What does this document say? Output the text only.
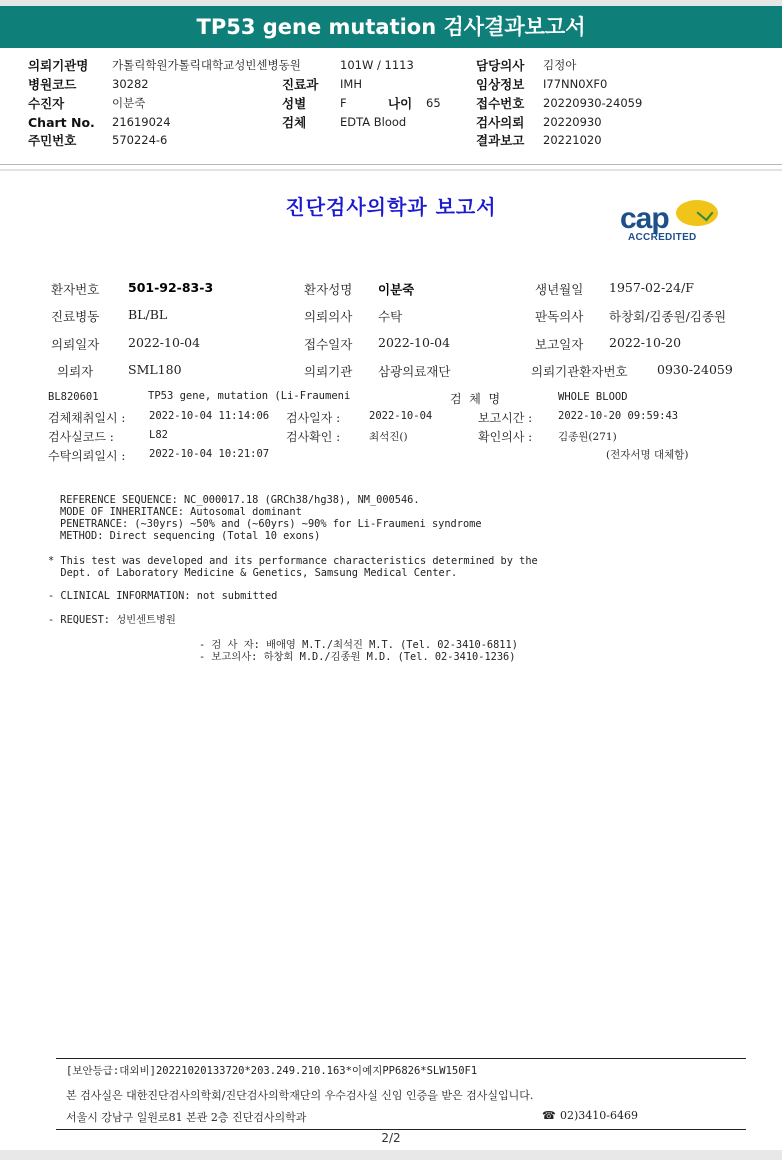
TP53 gene mutation 검사결과보고서
의뢰기관명 가톨릭학원가톨릭대학교성빈센병동원	101W / 1113	담당의사 김정아
병원코드	30282	진료과 IMH	임상정보 I77NN0XF0
수진자	이분죽	성별	F	나이 65	접수번호 20220930-24059
Chart No. 21619024	검체	EDTA Blood	검사의뢰 20220930
주민번호	570224-6	결과보고 20221020
진단검사의학과 보고서	cap
ACCREDITED
환자번호 501-92-83-3	환자성명 이분죽	생년월일 1957-02-24/F
진료병동 BL/BL	의뢰의사 수탁	판독의사 하창회/김종원/김종원
의뢰일자 2022-10-04	접수일자 2022-10-04	보고일자 2022-10-20
의뢰자	SML180	의뢰기관 삼광의료재단	의뢰기관환자번호 0930-24059
BL820601	TP53 gene, mutation (Li-Fraumeni	검  체  명	WHOLE BLOOD
검체채취일시 : 2022-10-04 11:14:06 검사일자 :	2022-10-04	보고시간 : 2022-10-20 09:59:43
검사실코드 :	L82	검사확인 :	최석진()	확인의사 : 김종원(271)
수탁의뢰일시 : 2022-10-04 10:21:07	(전자서명 대체함)
REFERENCE SEQUENCE: NC_000017.18 (GRCh38/hg38), NM_000546.
MODE OF INHERITANCE: Autosomal dominant
PENETRANCE: (~30yrs) ~50% and (~60yrs) ~90% for Li-Fraumeni syndrome
METHOD: Direct sequencing (Total 10 exons)
* This test was developed and its performance characteristics determined by the
Dept. of Laboratory Medicine & Genetics, Samsung Medical Center.
- CLINICAL INFORMATION: not submitted
- REQUEST: 성빈센트병원
- 검 사 자: 배애영 M.T./최석진 M.T. (Tel. 02-3410-6811)
- 보고의사: 하창회 M.D./김종원 M.D. (Tel. 02-3410-1236)
[보안등급:대외비]20221020133720*203.249.210.163*이예지PP6826*SLW150F1
본 검사실은 대한진단검사의학회/진단검사의학재단의 우수검사실 신임 인증을 받은 검사실입니다.
서울시 강남구 일원로81 본관 2층 진단검사의학과	☎ 02)3410-6469
2/2
